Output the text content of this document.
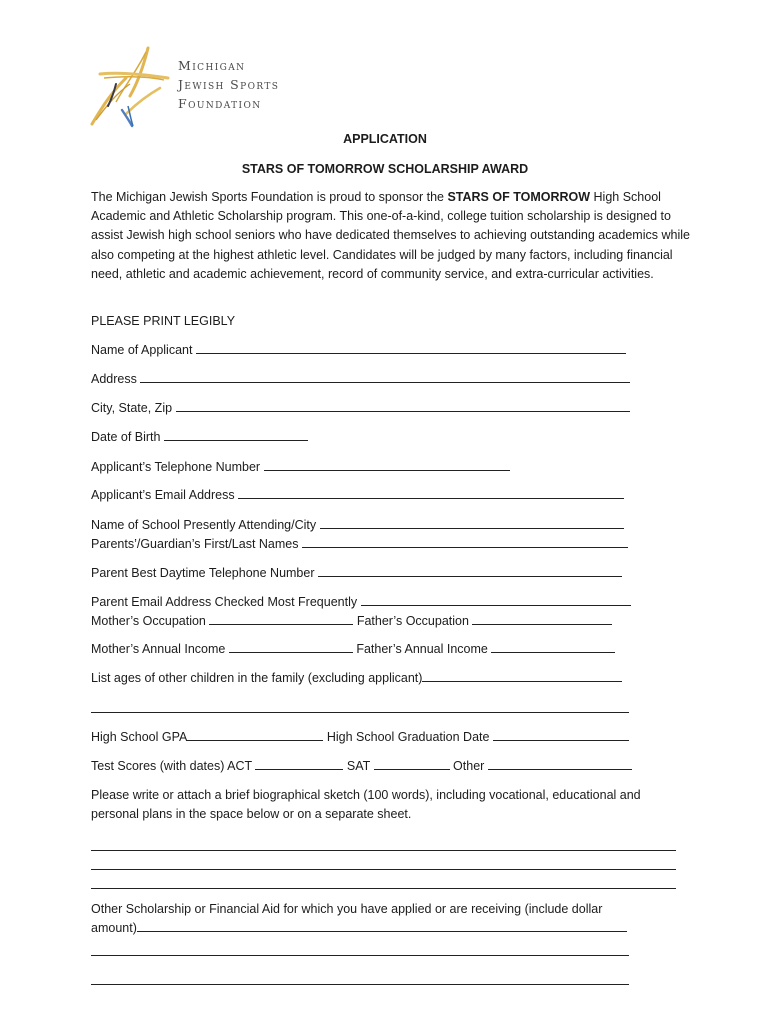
Michigan
Jewish Sports
Foundation
APPLICATION
STARS OF TOMORROW SCHOLARSHIP AWARD
The Michigan Jewish Sports Foundation is proud to sponsor the STARS OF TOMORROW High School Academic and Athletic Scholarship program. This one-of-a-kind, college tuition scholarship is designed to assist Jewish high school seniors who have dedicated themselves to achieving outstanding academics while also competing at the highest athletic level. Candidates will be judged by many factors, including financial need, athletic and academic achievement, record of community service, and extra-curricular activities.
PLEASE PRINT LEGIBLY
Name of Applicant
Address
City, State, Zip
Date of Birth
Applicant’s Telephone Number
Applicant’s Email Address
Name of School Presently Attending/City
Parents’/Guardian’s First/Last Names
Parent Best Daytime Telephone Number
Parent Email Address Checked Most Frequently
Mother’s Occupation	Father’s Occupation
Mother’s Annual Income	Father’s Annual Income
List ages of other children in the family (excluding applicant)
High School GPA	High School Graduation Date
Test Scores (with dates) ACT	SAT	Other
Please write or attach a brief biographical sketch (100 words), including vocational, educational and personal plans in the space below or on a separate sheet.
Other Scholarship or Financial Aid for which you have applied or are receiving (include dollar
amount)
